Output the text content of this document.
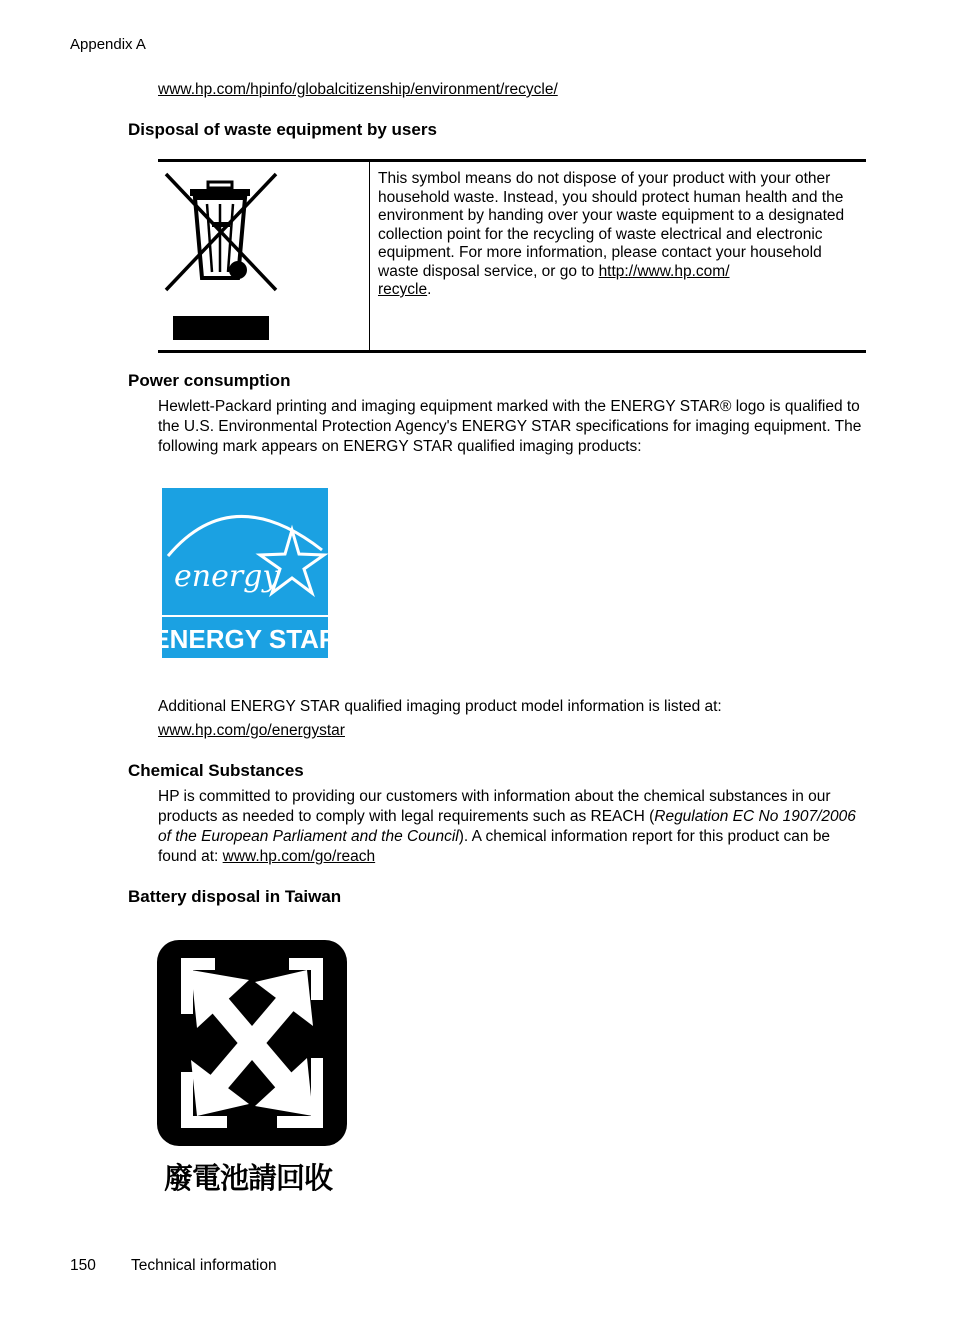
Appendix A
www.hp.com/hpinfo/globalcitizenship/environment/recycle/
Disposal of waste equipment by users
This symbol means do not dispose of your product with your other household waste. Instead, you should protect human health and the environment by handing over your waste equipment to a designated collection point for the recycling of waste electrical and electronic equipment. For more information, please contact your household waste disposal service, or go to http://www.hp.com/
recycle.
Power consumption
Hewlett-Packard printing and imaging equipment marked with the ENERGY STAR® logo is qualified to the U.S. Environmental Protection Agency's ENERGY STAR specifications for imaging equipment. The following mark appears on ENERGY STAR qualified imaging products:
energy
ENERGY STAR
Additional ENERGY STAR qualified imaging product model information is listed at:
www.hp.com/go/energystar
Chemical Substances
HP is committed to providing our customers with information about the chemical substances in our products as needed to comply with legal requirements such as REACH (Regulation EC No 1907/2006 of the European Parliament and the Council). A chemical information report for this product can be found at: www.hp.com/go/reach
Battery disposal in Taiwan
廢電池請回收
150 Technical information
